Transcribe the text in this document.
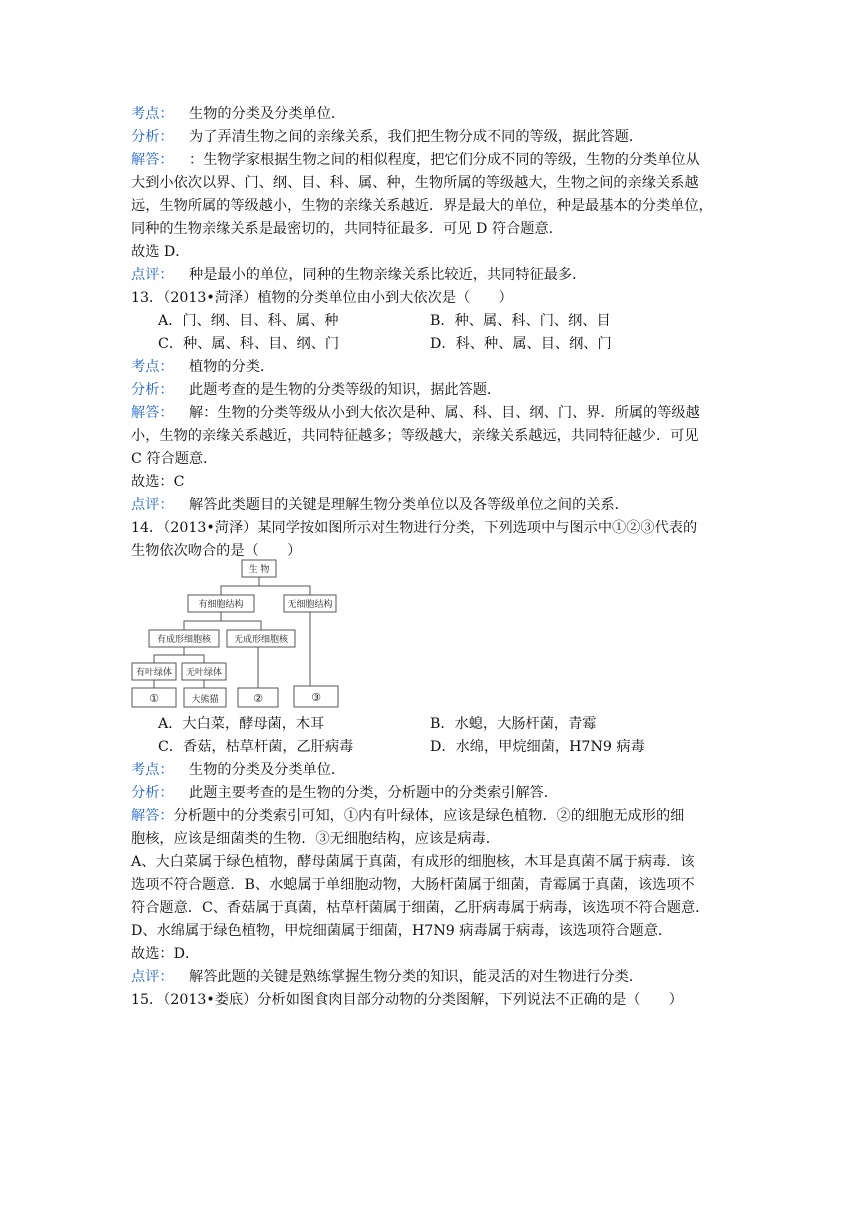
考点： 生物的分类及分类单位．
分析： 为了弄清生物之间的亲缘关系，我们把生物分成不同的等级，据此答题．
解答： ：生物学家根据生物之间的相似程度，把它们分成不同的等级，生物的分类单位从
大到小依次以界、门、纲、目、科、属、种，生物所属的等级越大，生物之间的亲缘关系越
远，生物所属的等级越小，生物的亲缘关系越近．界是最大的单位，种是最基本的分类单位，
同种的生物亲缘关系是最密切的，共同特征最多．可见 D 符合题意．
故选 D．
点评： 种是最小的单位，同种的生物亲缘关系比较近，共同特征最多．
13．（2013•菏泽）植物的分类单位由小到大依次是（　　）
A．门、纲、目、科、属、种	B．种、属、科、门、纲、目
C．种、属、科、目、纲、门	D．科、种、属、目、纲、门
考点： 植物的分类．
分析： 此题考查的是生物的分类等级的知识，据此答题．
解答： 解：生物的分类等级从小到大依次是种、属、科、目、纲、门、界．所属的等级越
小，生物的亲缘关系越近，共同特征越多；等级越大，亲缘关系越远，共同特征越少．可见
C 符合题意．
故选：C
点评： 解答此类题目的关键是理解生物分类单位以及各等级单位之间的关系．
14．（2013•菏泽）某同学按如图所示对生物进行分类，下列选项中与图示中①②③代表的
生物依次吻合的是（　　）
生 物
有细胞结构	无细胞结构
有成形细胞核	无成形细胞核
有叶绿体 无叶绿体
①	大熊猫	②	③
A．大白菜，酵母菌，木耳	B．水螅，大肠杆菌，青霉
C．香菇，枯草杆菌，乙肝病毒	D．水绵，甲烷细菌，H7N9 病毒
考点： 生物的分类及分类单位．
分析： 此题主要考查的是生物的分类，分析题中的分类索引解答．
解答：分析题中的分类索引可知，①内有叶绿体，应该是绿色植物．②的细胞无成形的细
胞核，应该是细菌类的生物．③无细胞结构，应该是病毒．
A、大白菜属于绿色植物，酵母菌属于真菌，有成形的细胞核，木耳是真菌不属于病毒．该
选项不符合题意．B、水螅属于单细胞动物，大肠杆菌属于细菌，青霉属于真菌，该选项不
符合题意．C、香菇属于真菌，枯草杆菌属于细菌，乙肝病毒属于病毒，该选项不符合题意．
D、水绵属于绿色植物，甲烷细菌属于细菌，H7N9 病毒属于病毒，该选项符合题意．
故选：D．
点评： 解答此题的关键是熟练掌握生物分类的知识，能灵活的对生物进行分类．
15．（2013•娄底）分析如图食肉目部分动物的分类图解，下列说法不正确的是（　　）
